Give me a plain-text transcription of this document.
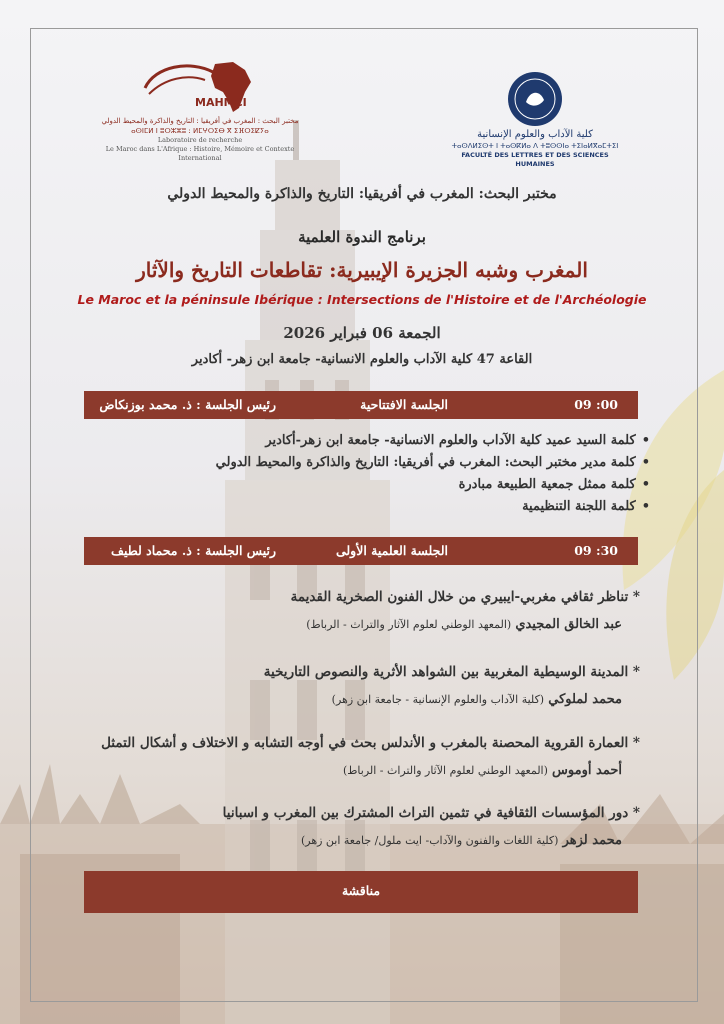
MAHMCI
مختبر البحث : المغرب في أفريقيا : التاريخ والذاكرة والمحيط الدولي
ⴰⵙⵏⵎⵍ ⵏ ⵓⵔⵣⵣⵓ : ⵍⵎⵖⵔⵉⴱ ⴳ ⵉⴼⵔⵉⵇⵢⴰ
Laboratoire de recherche
Le Maroc dans L'Afrique : Histoire, Mémoire et Contexte International
كلية الآداب والعلوم الإنسانية
ⵜⴰⵙⴷⵍⵉⵙⵜ ⵏ ⵜⴰⵙⴽⵍⴰ ⴷ ⵜⵓⵙⵙⵏⴰ ⵜⵉⵏⴰⵍⴳⴰⵎⵜⵉⵏ
FACULTÉ DES LETTRES ET DES SCIENCES HUMAINES
مختبر البحث: المغرب في أفريقيا: التاريخ والذاكرة والمحيط الدولي
برنامج الندوة العلمية
المغرب وشبه الجزيرة الإيبيرية: تقاطعات التاريخ والآثار
Le Maroc et la péninsule Ibérique : Intersections de l'Histoire et de l'Archéologie
الجمعة 06 فبراير 2026
القاعة 47 كلية الآداب والعلوم الانسانية- جامعة ابن زهر- أكادير
الجلسة الافتتاحية
رئيس الجلسة : ذ. محمد بوزنكاض	09 :00
• كلمة السيد عميد كلية الآداب والعلوم الانسانية- جامعة ابن زهر-أكادير
• كلمة مدير مختبر البحث: المغرب في أفريقيا: التاريخ والذاكرة والمحيط الدولي
• كلمة ممثل جمعية الطبيعة مبادرة
• كلمة اللجنة التنظيمية
الجلسة العلمية الأولى
رئيس الجلسة : ذ. محماد لطيف	09 :30
* تناظر ثقافي مغربي-ايبيري من خلال الفنون الصخرية القديمة
عبد الخالق المجيدي (المعهد الوطني لعلوم الآثار والتراث - الرباط)
* المدينة الوسيطية المغربية بين الشواهد الأثرية والنصوص التاريخية
محمد لملوكي (كلية الآداب والعلوم الإنسانية - جامعة ابن زهر)
* العمارة القروية المحصنة بالمغرب و الأندلس بحث في أوجه التشابه و الاختلاف و أشكال التمثل
أحمد أوموس (المعهد الوطني لعلوم الآثار والتراث - الرباط)
* دور المؤسسات الثقافية في تثمين التراث المشترك بين المغرب و اسبانيا
محمد لزهر (كلية اللغات والفنون والآداب- ايت ملول/ جامعة ابن زهر)
مناقشة
